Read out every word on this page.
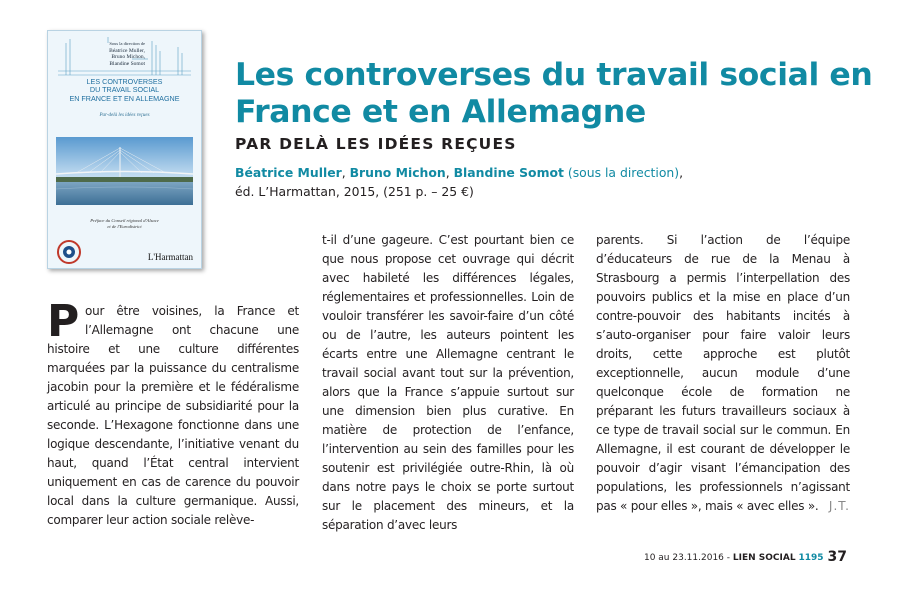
Sous la direction de
Béatrice Muller,
Bruno Michon,
Blandine Somot
LES CONTROVERSES
DU TRAVAIL SOCIAL
EN FRANCE ET EN ALLEMAGNE
Par-delà les idées reçues
Préface du Conseil régional d'Alsace
et de l'Eurodistrict
L'Harmattan
Les controverses du travail social en France et en Allemagne
PAR DELÀ LES IDÉES REÇUES

Béatrice Muller, Bruno Michon, Blandine Somot (sous la direction),
éd. L’Harmattan, 2015, (251 p. – 25 €)

P our être voisines, la France et l’Allemagne ont chacune une histoire et une culture différentes marquées par la puissance du centralisme jacobin pour la première et le fédéralisme articulé au principe de subsidiarité pour la seconde. L’Hexagone fonctionne dans une logique descendante, l’initiative venant du haut, quand l’État central intervient uniquement en cas de carence du pouvoir local dans la culture germanique. Aussi, comparer leur action sociale relève-

t-il d’une gageure. C’est pourtant bien ce que nous propose cet ouvrage qui décrit avec habileté les différences légales, réglementaires et professionnelles. Loin de vouloir transférer les savoir-faire d’un côté ou de l’autre, les auteurs pointent les écarts entre une Allemagne centrant le travail social avant tout sur la prévention, alors que la France s’appuie surtout sur une dimension bien plus curative. En matière de protection de l’enfance, l’intervention au sein des familles pour les soutenir est privilégiée outre-Rhin, là où dans notre pays le choix se porte surtout sur le placement des mineurs, et la séparation d’avec leurs

parents. Si l’action de l’équipe d’éducateurs de rue de la Menau à Strasbourg a permis l’interpellation des pouvoirs publics et la mise en place d’un contre-pouvoir des habitants incités à s’auto-organiser pour faire valoir leurs droits, cette approche est plutôt exceptionnelle, aucun module d’une quelconque école de formation ne préparant les futurs travailleurs sociaux à ce type de travail social sur le commun. En Allemagne, il est courant de développer le pouvoir d’agir visant l’émancipation des populations, les professionnels n’agissant pas « pour elles », mais « avec elles ». J.T.
10 au 23.11.2016 - LIEN SOCIAL 1195 37
